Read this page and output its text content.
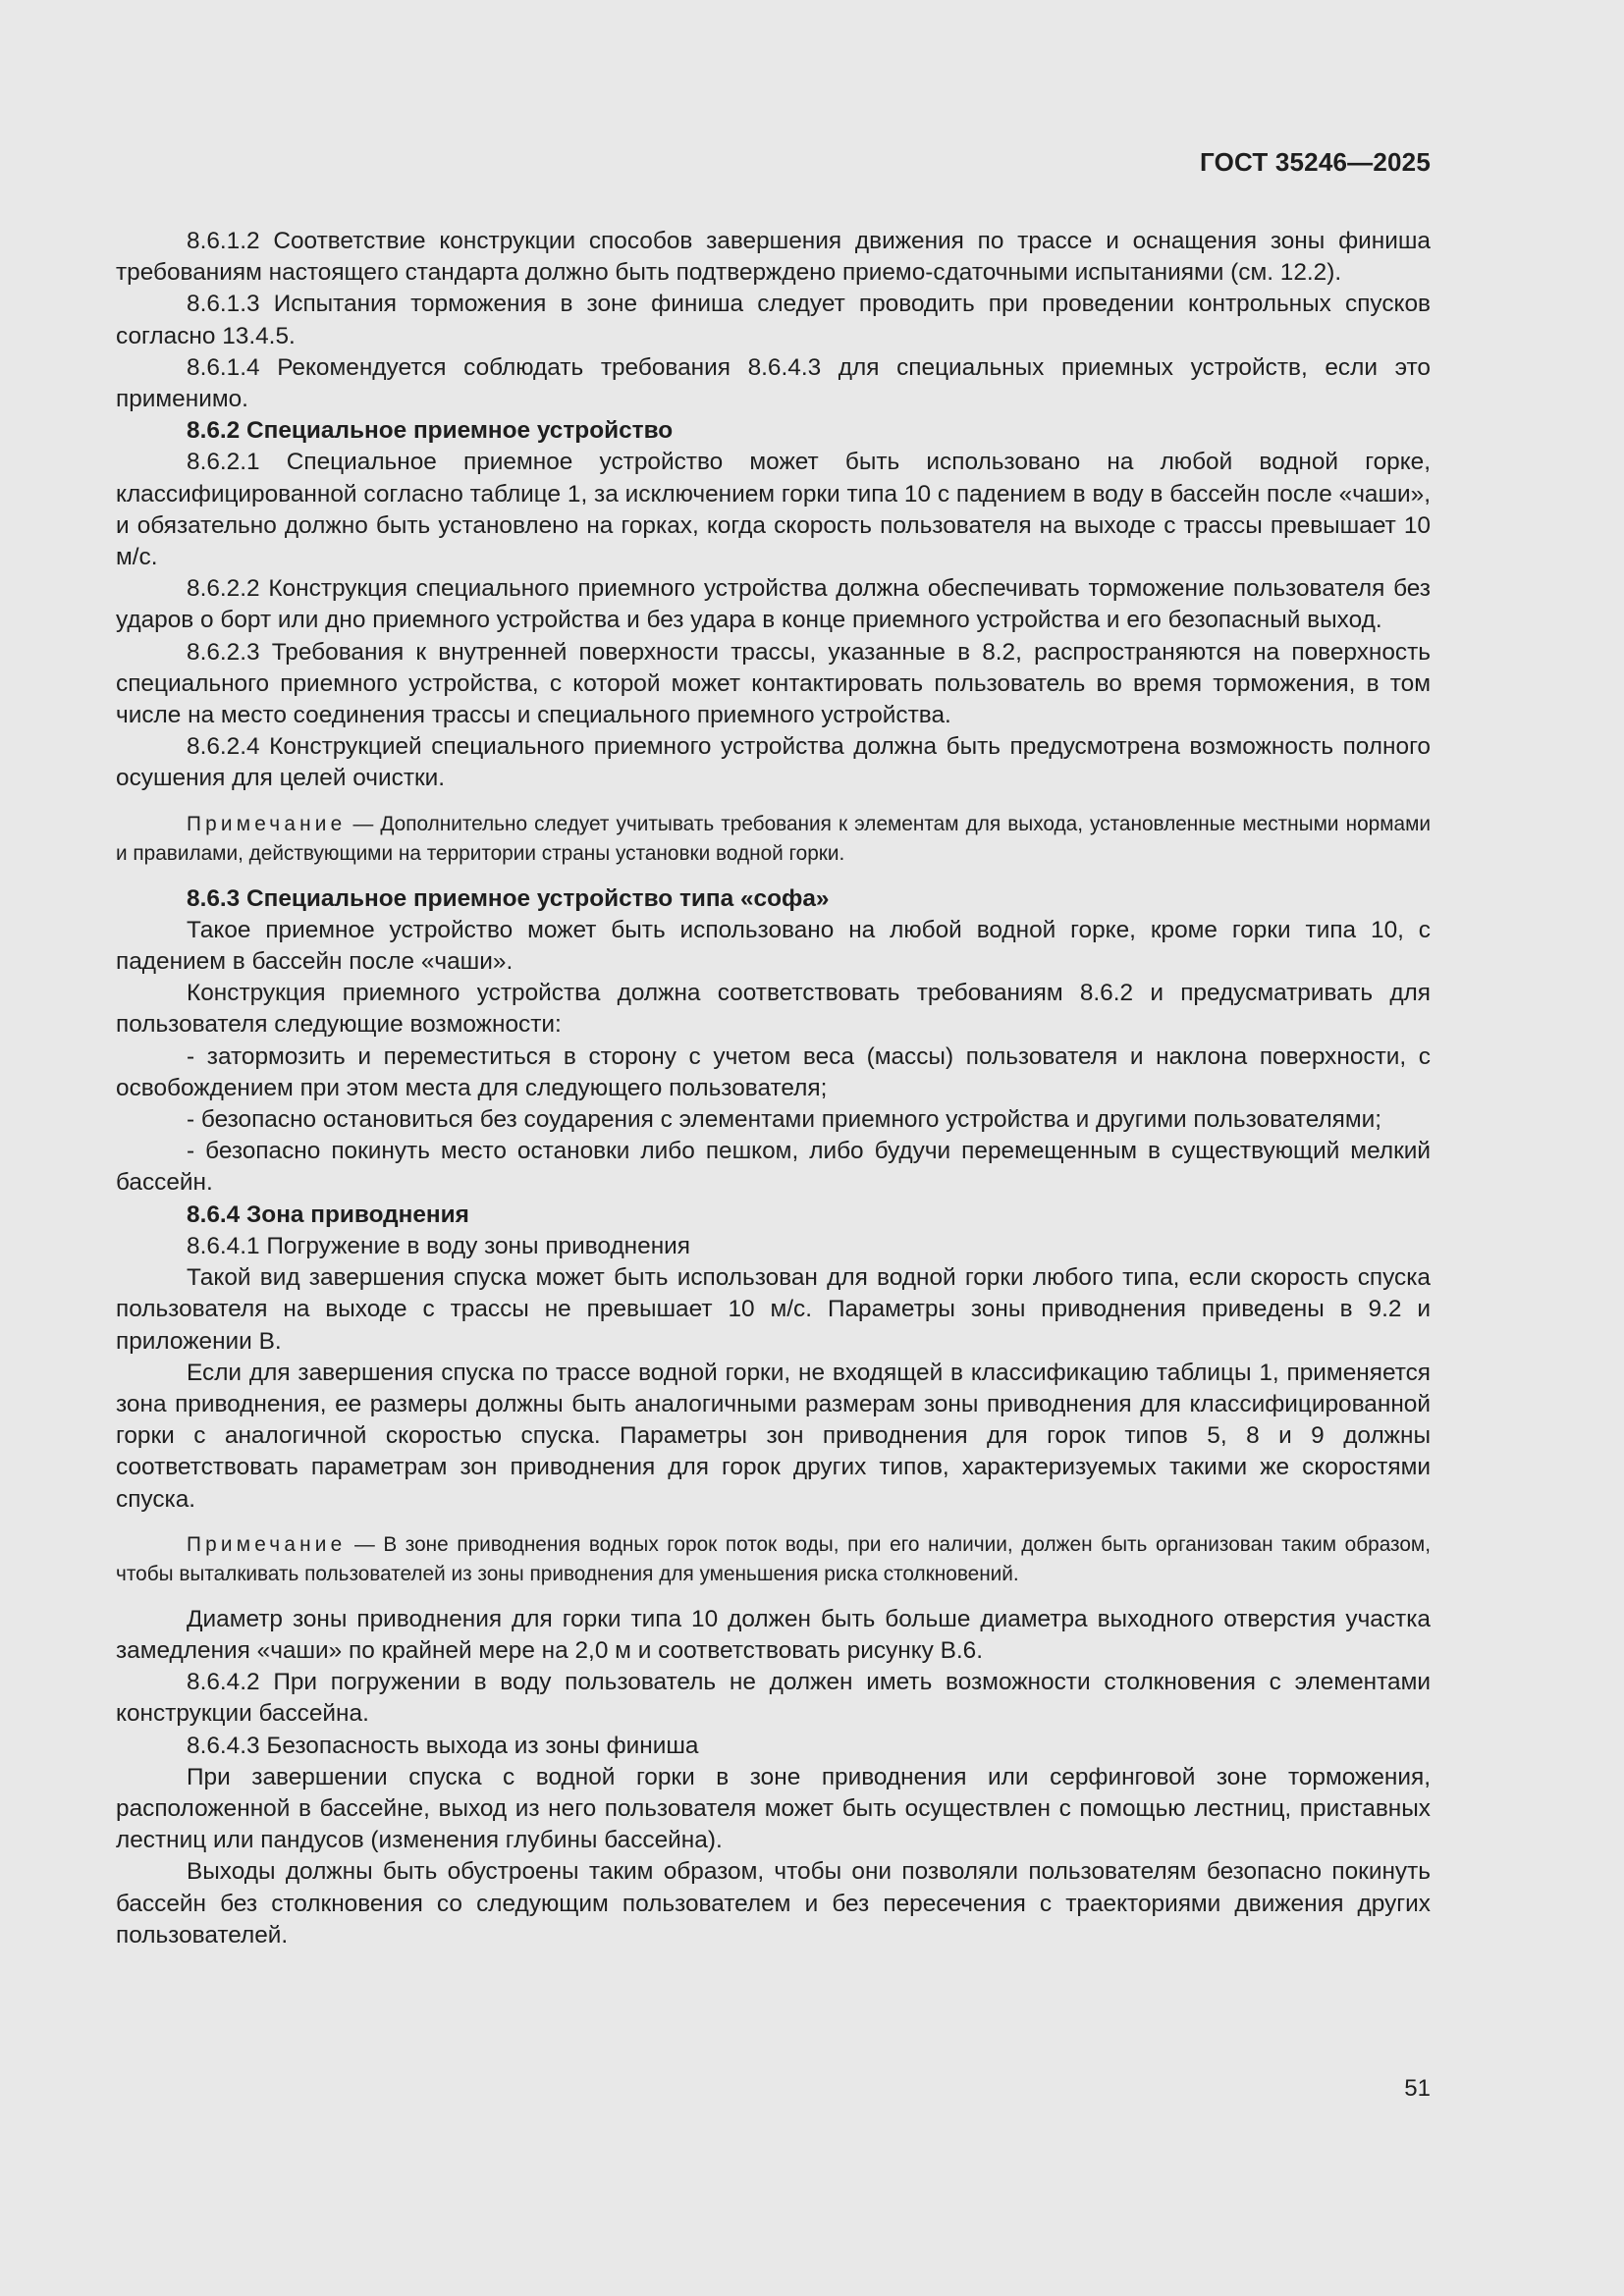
ГОСТ 35246—2025

8.6.1.2 Соответствие конструкции способов завершения движения по трассе и оснащения зоны финиша требованиям настоящего стандарта должно быть подтверждено приемо-сдаточными испытаниями (см. 12.2).

8.6.1.3 Испытания торможения в зоне финиша следует проводить при проведении контрольных спусков согласно 13.4.5.

8.6.1.4 Рекомендуется соблюдать требования 8.6.4.3 для специальных приемных устройств, если это применимо.

8.6.2 Специальное приемное устройство

8.6.2.1 Специальное приемное устройство может быть использовано на любой водной горке, классифицированной согласно таблице 1, за исключением горки типа 10 с падением в воду в бассейн после «чаши», и обязательно должно быть установлено на горках, когда скорость пользователя на выходе с трассы превышает 10 м/с.

8.6.2.2 Конструкция специального приемного устройства должна обеспечивать торможение пользователя без ударов о борт или дно приемного устройства и без удара в конце приемного устройства и его безопасный выход.

8.6.2.3 Требования к внутренней поверхности трассы, указанные в 8.2, распространяются на поверхность специального приемного устройства, с которой может контактировать пользователь во время торможения, в том числе на место соединения трассы и специального приемного устройства.

8.6.2.4 Конструкцией специального приемного устройства должна быть предусмотрена возможность полного осушения для целей очистки.

Примечание — Дополнительно следует учитывать требования к элементам для выхода, установленные местными нормами и правилами, действующими на территории страны установки водной горки.

8.6.3 Специальное приемное устройство типа «софа»

Такое приемное устройство может быть использовано на любой водной горке, кроме горки типа 10, с падением в бассейн после «чаши».

Конструкция приемного устройства должна соответствовать требованиям 8.6.2 и предусматривать для пользователя следующие возможности:

- затормозить и переместиться в сторону с учетом веса (массы) пользователя и наклона поверхности, с освобождением при этом места для следующего пользователя;

- безопасно остановиться без соударения с элементами приемного устройства и другими пользователями;

- безопасно покинуть место остановки либо пешком, либо будучи перемещенным в существующий мелкий бассейн.

8.6.4 Зона приводнения

8.6.4.1 Погружение в воду зоны приводнения

Такой вид завершения спуска может быть использован для водной горки любого типа, если скорость спуска пользователя на выходе с трассы не превышает 10 м/с. Параметры зоны приводнения приведены в 9.2 и приложении В.

Если для завершения спуска по трассе водной горки, не входящей в классификацию таблицы 1, применяется зона приводнения, ее размеры должны быть аналогичными размерам зоны приводнения для классифицированной горки с аналогичной скоростью спуска. Параметры зон приводнения для горок типов 5, 8 и 9 должны соответствовать параметрам зон приводнения для горок других типов, характеризуемых такими же скоростями спуска.

Примечание — В зоне приводнения водных горок поток воды, при его наличии, должен быть организован таким образом, чтобы выталкивать пользователей из зоны приводнения для уменьшения риска столкновений.

Диаметр зоны приводнения для горки типа 10 должен быть больше диаметра выходного отверстия участка замедления «чаши» по крайней мере на 2,0 м и соответствовать рисунку В.6.

8.6.4.2 При погружении в воду пользователь не должен иметь возможности столкновения с элементами конструкции бассейна.

8.6.4.3 Безопасность выхода из зоны финиша

При завершении спуска с водной горки в зоне приводнения или серфинговой зоне торможения, расположенной в бассейне, выход из него пользователя может быть осуществлен с помощью лестниц, приставных лестниц или пандусов (изменения глубины бассейна).

Выходы должны быть обустроены таким образом, чтобы они позволяли пользователям безопасно покинуть бассейн без столкновения со следующим пользователем и без пересечения с траекториями движения других пользователей.

51
